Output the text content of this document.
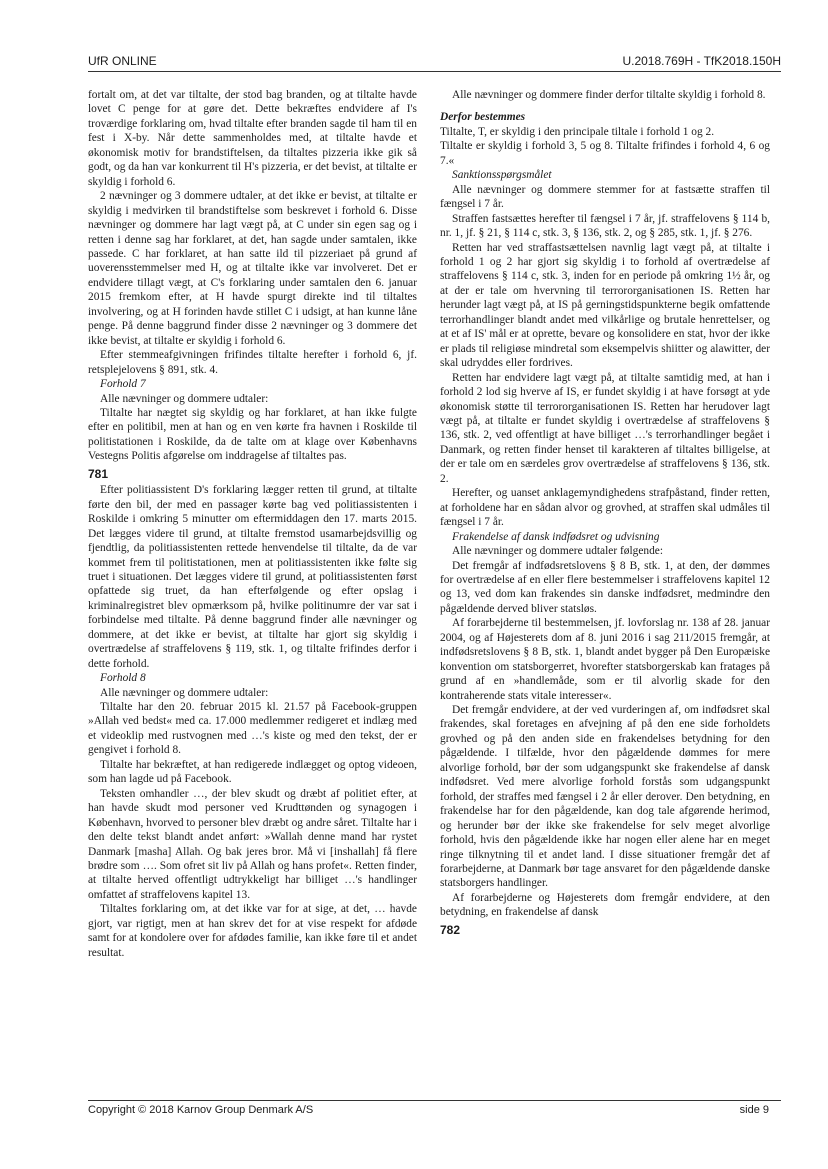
UfR ONLINE	U.2018.769H - TfK2018.150H
fortalt om, at det var tiltalte, der stod bag branden, og at tiltalte havde lovet C penge for at gøre det. Dette bekræftes endvidere af I's troværdige forklaring om, hvad tiltalte efter branden sagde til ham til en fest i X-by. Når dette sammenholdes med, at tiltalte havde et økonomisk motiv for brandstiftelsen, da tiltaltes pizzeria ikke gik så godt, og da han var konkurrent til H's pizzeria, er det bevist, at tiltalte er skyldig i forhold 6.
2 nævninger og 3 dommere udtaler, at det ikke er bevist, at tiltalte er skyldig i medvirken til brandstiftelse som beskrevet i forhold 6. Disse nævninger og dommere har lagt vægt på, at C under sin egen sag og i retten i denne sag har forklaret, at det, han sagde under samtalen, ikke passede. C har forklaret, at han satte ild til pizzeriaet på grund af uoverensstemmelser med H, og at tiltalte ikke var involveret. Det er endvidere tillagt vægt, at C's forklaring under samtalen den 6. januar 2015 fremkom efter, at H havde spurgt direkte ind til tiltaltes involvering, og at H forinden havde stillet C i udsigt, at han kunne låne penge. På denne baggrund finder disse 2 nævninger og 3 dommere det ikke bevist, at tiltalte er skyldig i forhold 6.
Efter stemmeafgivningen frifindes tiltalte herefter i forhold 6, jf. retsplejelovens § 891, stk. 4.
Forhold 7
Alle nævninger og dommere udtaler:
Tiltalte har nægtet sig skyldig og har forklaret, at han ikke fulgte efter en politibil, men at han og en ven kørte fra havnen i Roskilde til politistationen i Roskilde, da de talte om at klage over Københavns Vestegns Politis afgørelse om inddragelse af tiltaltes pas.
781
Efter politiassistent D's forklaring lægger retten til grund, at tiltalte førte den bil, der med en passager kørte bag ved politiassistenten i Roskilde i omkring 5 minutter om eftermiddagen den 17. marts 2015. Det lægges videre til grund, at tiltalte fremstod usamarbejdsvillig og fjendtlig, da politiassistenten rettede henvendelse til tiltalte, da de var kommet frem til politistationen, men at politiassistenten ikke følte sig truet i situationen. Det lægges videre til grund, at politiassistenten først opfattede sig truet, da han efterfølgende og efter opslag i kriminalregistret blev opmærksom på, hvilke politinumre der var sat i forbindelse med tiltalte. På denne baggrund finder alle nævninger og dommere, at det ikke er bevist, at tiltalte har gjort sig skyldig i overtrædelse af straffelovens § 119, stk. 1, og tiltalte frifindes derfor i dette forhold.
Forhold 8
Alle nævninger og dommere udtaler:
Tiltalte har den 20. februar 2015 kl. 21.57 på Facebook-gruppen »Allah ved bedst« med ca. 17.000 medlemmer redigeret et indlæg med et videoklip med rustvognen med …'s kiste og med den tekst, der er gengivet i forhold 8.
Tiltalte har bekræftet, at han redigerede indlægget og optog videoen, som han lagde ud på Facebook.
Teksten omhandler …, der blev skudt og dræbt af politiet efter, at han havde skudt mod personer ved Krudttønden og synagogen i København, hvorved to personer blev dræbt og andre såret. Tiltalte har i den delte tekst blandt andet anført: »Wallah denne mand har rystet Danmark [masha] Allah. Og bak jeres bror. Må vi [inshallah] få flere brødre som …. Som ofret sit liv på Allah og hans profet«. Retten finder, at tiltalte herved offentligt udtrykkeligt har billiget …'s handlinger omfattet af straffelovens kapitel 13.
Tiltaltes forklaring om, at det ikke var for at sige, at det, … havde gjort, var rigtigt, men at han skrev det for at vise respekt for afdøde samt for at kondolere over for afdødes familie, kan ikke føre til et andet resultat.
Alle nævninger og dommere finder derfor tiltalte skyldig i forhold 8.
Derfor bestemmes
Tiltalte, T, er skyldig i den principale tiltale i forhold 1 og 2.
Tiltalte er skyldig i forhold 3, 5 og 8. Tiltalte frifindes i forhold 4, 6 og 7.«
Sanktionsspørgsmålet
Alle nævninger og dommere stemmer for at fastsætte straffen til fængsel i 7 år.
Straffen fastsættes herefter til fængsel i 7 år, jf. straffelovens § 114 b, nr. 1, jf. § 21, § 114 c, stk. 3, § 136, stk. 2, og § 285, stk. 1, jf. § 276.
Retten har ved straffastsættelsen navnlig lagt vægt på, at tiltalte i forhold 1 og 2 har gjort sig skyldig i to forhold af overtrædelse af straffelovens § 114 c, stk. 3, inden for en periode på omkring 1½ år, og at der er tale om hvervning til terrororganisationen IS. Retten har herunder lagt vægt på, at IS på gerningstidspunkterne begik omfattende terrorhandlinger blandt andet med vilkårlige og brutale henrettelser, og at et af IS' mål er at oprette, bevare og konsolidere en stat, hvor der ikke er plads til religiøse mindretal som eksempelvis shiitter og alawitter, der skal udryddes eller fordrives.
Retten har endvidere lagt vægt på, at tiltalte samtidig med, at han i forhold 2 lod sig hverve af IS, er fundet skyldig i at have forsøgt at yde økonomisk støtte til terrororganisationen IS. Retten har herudover lagt vægt på, at tiltalte er fundet skyldig i overtrædelse af straffelovens § 136, stk. 2, ved offentligt at have billiget …'s terrorhandlinger begået i Danmark, og retten finder henset til karakteren af tiltaltes billigelse, at der er tale om en særdeles grov overtrædelse af straffelovens § 136, stk. 2.
Herefter, og uanset anklagemyndighedens strafpåstand, finder retten, at forholdene har en sådan alvor og grovhed, at straffen skal udmåles til fængsel i 7 år.
Frakendelse af dansk indfødsret og udvisning
Alle nævninger og dommere udtaler følgende:
Det fremgår af indfødsretslovens § 8 B, stk. 1, at den, der dømmes for overtrædelse af en eller flere bestemmelser i straffelovens kapitel 12 og 13, ved dom kan frakendes sin danske indfødsret, medmindre den pågældende derved bliver statsløs.
Af forarbejderne til bestemmelsen, jf. lovforslag nr. 138 af 28. januar 2004, og af Højesterets dom af 8. juni 2016 i sag 211/2015 fremgår, at indfødsretslovens § 8 B, stk. 1, blandt andet bygger på Den Europæiske konvention om statsborgerret, hvorefter statsborgerskab kan fratages på grund af en »handlemåde, som er til alvorlig skade for den kontraherende stats vitale interesser«.
Det fremgår endvidere, at der ved vurderingen af, om indfødsret skal frakendes, skal foretages en afvejning af på den ene side forholdets grovhed og på den anden side en frakendelses betydning for den pågældende. I tilfælde, hvor den pågældende dømmes for mere alvorlige forhold, bør der som udgangspunkt ske frakendelse af dansk indfødsret. Ved mere alvorlige forhold forstås som udgangspunkt forhold, der straffes med fængsel i 2 år eller derover. Den betydning, en frakendelse har for den pågældende, kan dog tale afgørende herimod, og herunder bør der ikke ske frakendelse for selv meget alvorlige forhold, hvis den pågældende ikke har nogen eller alene har en meget ringe tilknytning til et andet land. I disse situationer fremgår det af forarbejderne, at Danmark bør tage ansvaret for den pågældende danske statsborgers handlinger.
Af forarbejderne og Højesterets dom fremgår endvidere, at den betydning, en frakendelse af dansk
782
Copyright © 2018 Karnov Group Denmark A/S	side 9
